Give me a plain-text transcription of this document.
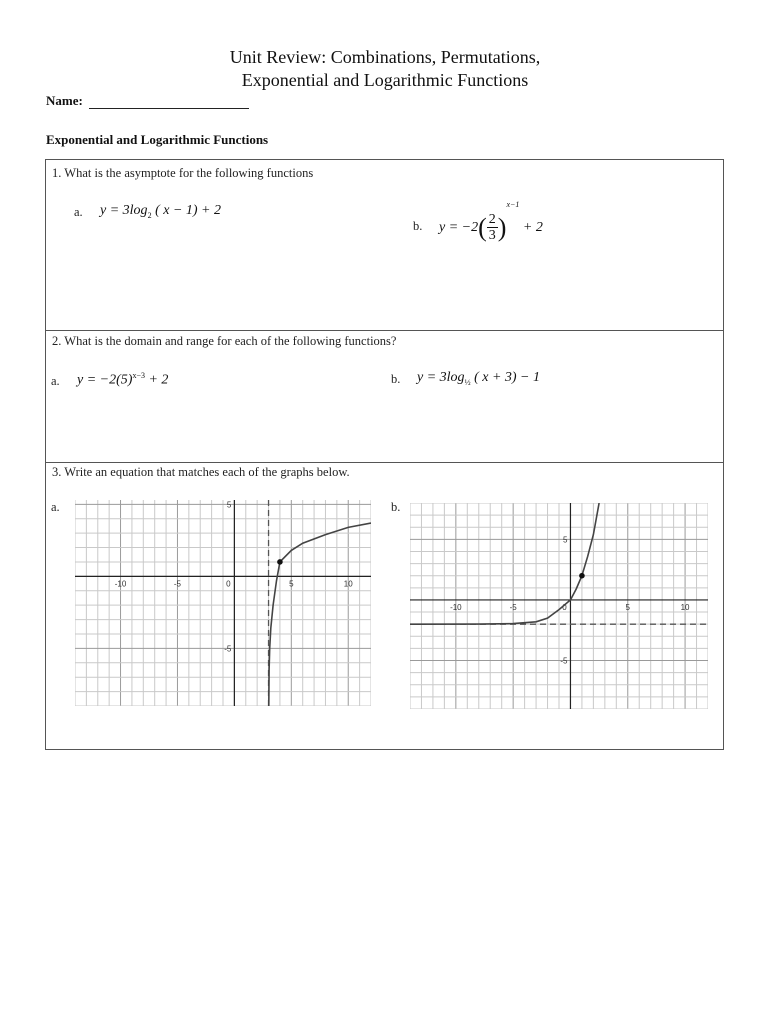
Unit Review: Combinations, Permutations,
Exponential and Logarithmic Functions
Name:
Exponential and Logarithmic Functions
1. What is the asymptote for the following functions
a. $y = 3\log_2$ ( x − 1) + 2
b. $y = -2( \frac{2}{3} )^{x-1} + 2$
2. What is the domain and range for each of the following functions?
a. $y = -2(5)^{x-3} + 2$	b. $y = 3\log_{\frac{1}{2}}$ ( x + 3) − 1
3. Write an equation that matches each of the graphs below.
a.	b.
-10	-5	0	5	10
5
-5
-10	-5	0	5	10
5
-5
